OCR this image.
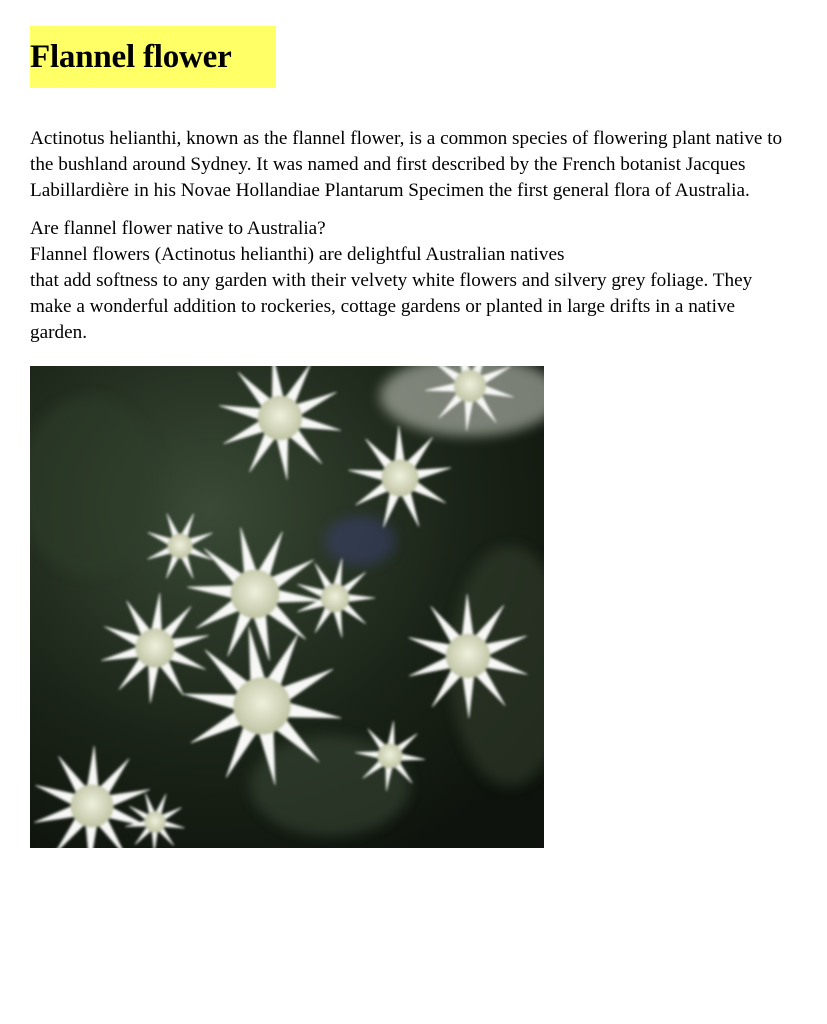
Flannel flower

Actinotus helianthi, known as the flannel flower, is a common species of flowering plant native to the bushland around Sydney. It was named and first described by the French botanist Jacques Labillardière in his Novae Hollandiae Plantarum Specimen the first general flora of Australia.

Are flannel flower native to Australia?
Flannel flowers (Actinotus helianthi) are delightful Australian natives
that add softness to any garden with their velvety white flowers and silvery grey foliage. They make a wonderful addition to rockeries, cottage gardens or planted in large drifts in a native garden.
